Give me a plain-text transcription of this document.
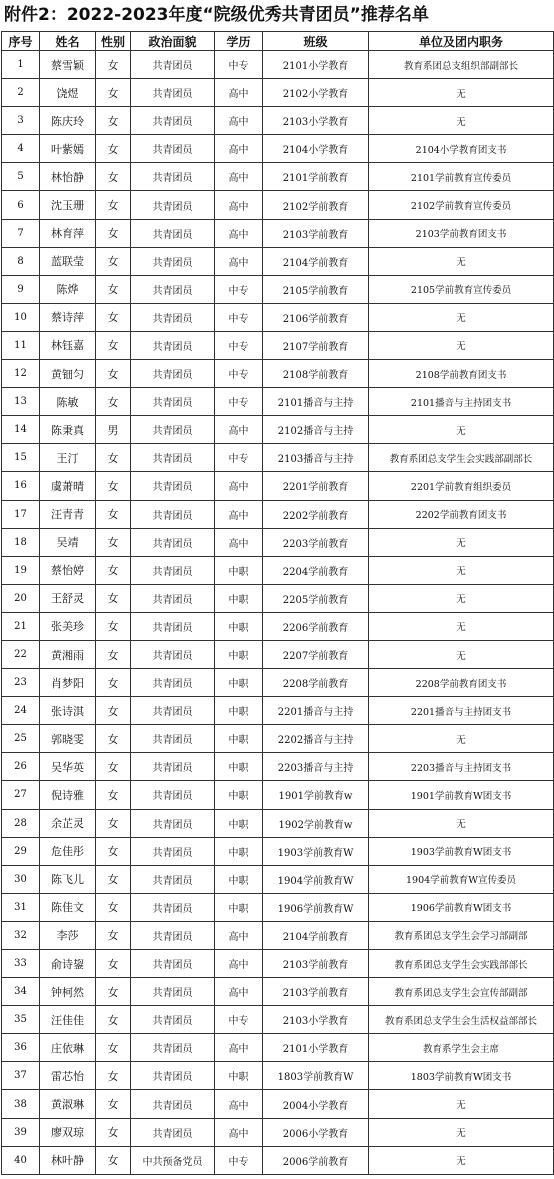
附件2：2022-2023年度“院级优秀共青团员”推荐名单
序号	姓名	性别	政治面貌	学历	班级	单位及团内职务
1	蔡雪颖	女	共青团员	中专	2101小学教育	教育系团总支组织部副部长
2	饶煜	女	共青团员	高中	2102小学教育	无
3	陈庆玲	女	共青团员	高中	2103小学教育	无
4	叶紫嫣	女	共青团员	高中	2104小学教育	2104小学教育团支书
5	林怡静	女	共青团员	高中	2101学前教育	2101学前教育宣传委员
6	沈玉珊	女	共青团员	高中	2102学前教育	2102学前教育宣传委员
7	林育萍	女	共青团员	高中	2103学前教育	2103学前教育团支书
8	蓝联莹	女	共青团员	高中	2104学前教育	无
9	陈烨	女	共青团员	中专	2105学前教育	2105学前教育宣传委员
10	蔡诗萍	女	共青团员	中专	2106学前教育	无
11	林钰嘉	女	共青团员	中专	2107学前教育	无
12	黄钿匀	女	共青团员	中专	2108学前教育	2108学前教育团支书
13	陈敏	女	共青团员	中专	2101播音与主持	2101播音与主持团支书
14	陈秉真	男	共青团员	高中	2102播音与主持	无
15	王汀	女	共青团员	中专	2103播音与主持	教育系团总支学生会实践部副部长
16	虞萧晴	女	共青团员	高中	2201学前教育	2201学前教育组织委员
17	汪青青	女	共青团员	高中	2202学前教育	2202学前教育团支书
18	吴靖	女	共青团员	高中	2203学前教育	无
19	蔡怡婷	女	共青团员	中职	2204学前教育	无
20	王舒灵	女	共青团员	中职	2205学前教育	无
21	张美珍	女	共青团员	中职	2206学前教育	无
22	黄湘雨	女	共青团员	中职	2207学前教育	无
23	肖梦阳	女	共青团员	中职	2208学前教育	2208学前教育团支书
24	张诗淇	女	共青团员	中职	2201播音与主持	2201播音与主持团支书
25	郭晓雯	女	共青团员	中职	2202播音与主持	无
26	吴华英	女	共青团员	中职	2203播音与主持	2203播音与主持团支书
27	倪诗雅	女	共青团员	中职	1901学前教育w	1901学前教育W团支书
28	余芷灵	女	共青团员	中职	1902学前教育w	无
29	危佳彤	女	共青团员	中职	1903学前教育W	1903学前教育W团支书
30	陈飞儿	女	共青团员	中职	1904学前教育W	1904学前教育W宣传委员
31	陈佳文	女	共青团员	中职	1906学前教育W	1906学前教育W团支书
32	李莎	女	共青团员	高中	2104学前教育	教育系团总支学生会学习部副部
33	俞诗鋆	女	共青团员	高中	2103学前教育	教育系团总支学生会实践部部长
34	钟柯然	女	共青团员	高中	2103学前教育	教育系团总支学生会宣传部副部
35	汪佳佳	女	共青团员	中专	2103小学教育	教育系团总支学生会生活权益部部长
36	庄依琳	女	共青团员	高中	2101小学教育	教育系学生会主席
37	雷芯怡	女	共青团员	中职	1803学前教育W	1803学前教育W团支书
38	黄淑琳	女	共青团员	高中	2004小学教育	无
39	廖双琼	女	共青团员	高中	2006小学教育	无
40	林叶静	女	中共预备党员	中专	2006学前教育	无
